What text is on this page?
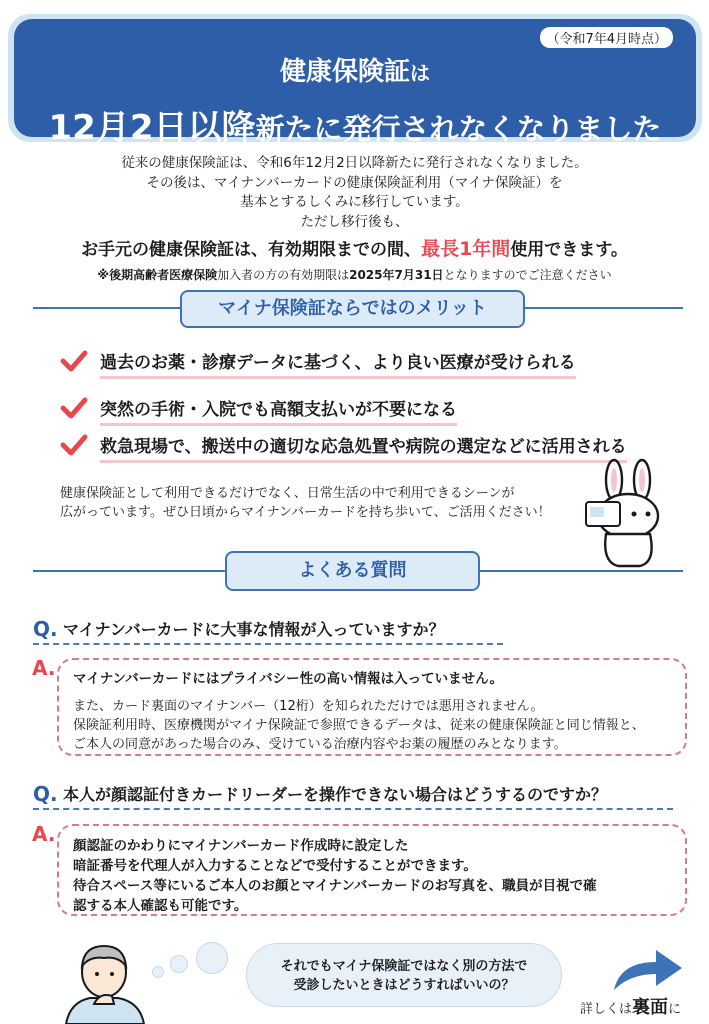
健康保険証は
12月2日以降新たに発行されなくなりました
（令和7年4月時点）
従来の健康保険証は、令和6年12月2日以降新たに発行されなくなりました。
その後は、マイナンバーカードの健康保険証利用（マイナ保険証）を
基本とするしくみに移行しています。
ただし移行後も、
お手元の健康保険証は、有効期限までの間、最長1年間使用できます。
※後期高齢者医療保険加入者の方の有効期限は2025年7月31日となりますのでご注意ください
マイナ保険証ならではのメリット
過去のお薬・診療データに基づく、より良い医療が受けられる
突然の手術・入院でも高額支払いが不要になる
救急現場で、搬送中の適切な応急処置や病院の選定などに活用される
健康保険証として利用できるだけでなく、日常生活の中で利用できるシーンが
広がっています。ぜひ日頃からマイナンバーカードを持ち歩いて、ご活用ください！
よくある質問
Q. マイナンバーカードに大事な情報が入っていますか？
A. マイナンバーカードにはプライバシー性の高い情報は入っていません。
また、カード裏面のマイナンバー（12桁）を知られただけでは悪用されません。
保険証利用時、医療機関がマイナ保険証で参照できるデータは、従来の健康保険証と同じ情報と、
ご本人の同意があった場合のみ、受けている治療内容やお薬の履歴のみとなります。
Q. 本人が顔認証付きカードリーダーを操作できない場合はどうするのですか？
A. 顔認証のかわりにマイナンバーカード作成時に設定した
暗証番号を代理人が入力することなどで受付することができます。
待合スペース等にいるご本人のお顔とマイナンバーカードのお写真を、職員が目視で確
認する本人確認も可能です。
それでもマイナ保険証ではなく別の方法で
受診したいときはどうすればいいの？
詳しくは裏面に
